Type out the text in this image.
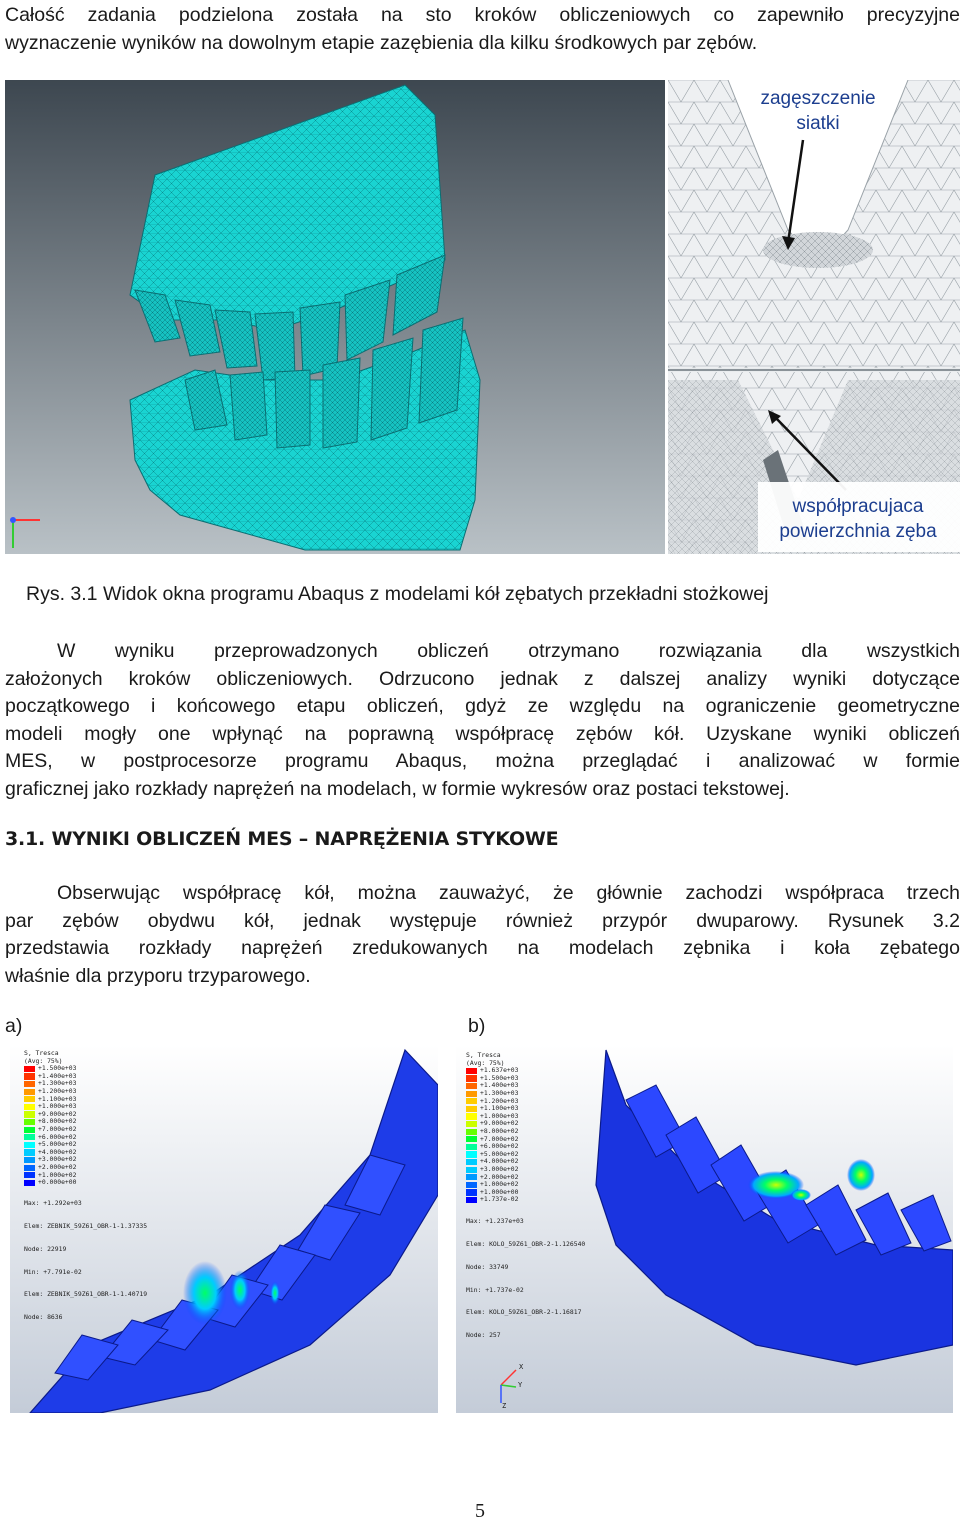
Całość zadania podzielona została na sto kroków obliczeniowych co zapewniło precyzyjne
wyznaczenie wyników na dowolnym etapie zazębienia dla kilku środkowych par zębów.
zagęszczenie
siatki
współpracujaca
powierzchnia zęba
Rys. 3.1 Widok okna programu Abaqus z modelami kół zębatych przekładni stożkowej
W wyniku przeprowadzonych obliczeń otrzymano rozwiązania dla wszystkich
założonych kroków obliczeniowych. Odrzucono jednak z dalszej analizy wyniki dotyczące
początkowego i końcowego etapu obliczeń, gdyż ze względu na ograniczenie geometryczne
modeli mogły one wpłynąć na poprawną współpracę zębów kół. Uzyskane wyniki obliczeń
MES, w postprocesorze programu Abaqus, można przeglądać i analizować w formie
graficznej jako rozkłady naprężeń na modelach, w formie wykresów oraz postaci tekstowej.
3.1. WYNIKI OBLICZEŃ MES – NAPRĘŻENIA STYKOWE
Obserwując współpracę kół, można zauważyć, że głównie zachodzi współpraca trzech
par zębów obydwu kół, jednak występuje również przypór dwuparowy. Rysunek 3.2
przedstawia rozkłady naprężeń zredukowanych na modelach zębnika i koła zębatego
właśnie dla przyporu trzyparowego.
a)	b)
S, Tresca
(Avg: 75%)
+1.500e+03
+1.400e+03
+1.300e+03
+1.200e+03
+1.100e+03
+1.000e+03
+9.000e+02
+8.000e+02
+7.000e+02
+6.000e+02
+5.000e+02
+4.000e+02
+3.000e+02
+2.000e+02
+1.000e+02
+0.000e+00

Max: +1.292e+03

Elem: ZEBNIK_59Z61_OBR-1-1.37335

Node: 22919

Min: +7.791e-02

Elem: ZEBNIK_59Z61_OBR-1-1.40719

Node: 8636

X
Y
Z
S, Tresca
(Avg: 75%)
+1.637e+03
+1.500e+03
+1.400e+03
+1.300e+03
+1.200e+03
+1.100e+03
+1.000e+03
+9.000e+02
+8.000e+02
+7.000e+02
+6.000e+02
+5.000e+02
+4.000e+02
+3.000e+02
+2.000e+02
+1.000e+02
+1.000e+00
+1.737e-02

Max: +1.237e+03

Elem: KOLO_59Z61_OBR-2-1.126540

Node: 33749

Min: +1.737e-02

Elem: KOLO_59Z61_OBR-2-1.16817

Node: 257

5
